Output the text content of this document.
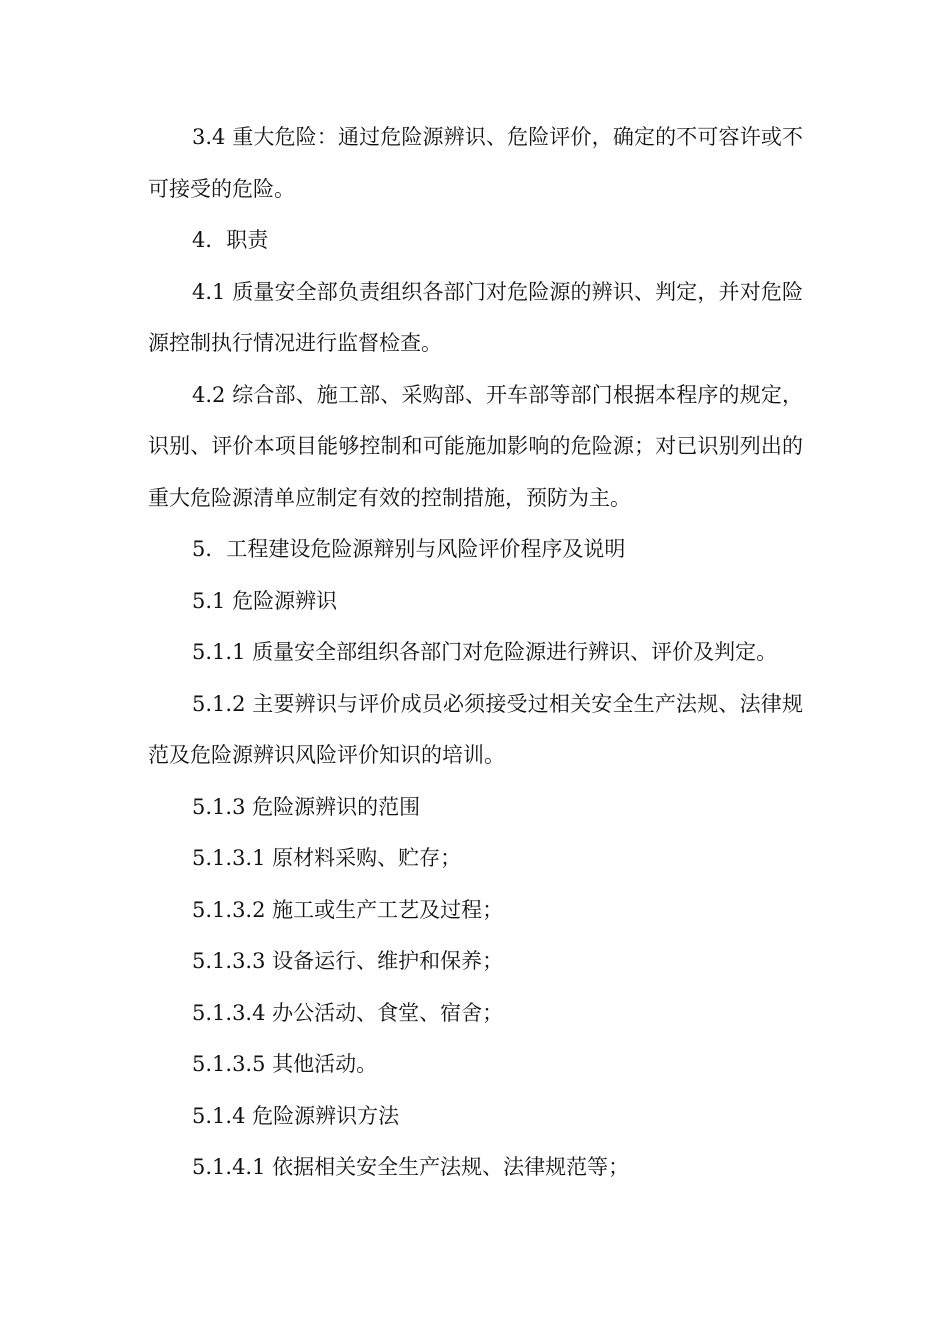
3.4 重大危险：通过危险源辨识、危险评价，确定的不可容许或不可接受的危险。

4．职责

4.1 质量安全部负责组织各部门对危险源的辨识、判定，并对危险源控制执行情况进行监督检查。

4.2 综合部、施工部、采购部、开车部等部门根据本程序的规定，识别、评价本项目能够控制和可能施加影响的危险源；对已识别列出的重大危险源清单应制定有效的控制措施，预防为主。

5．工程建设危险源辩别与风险评价程序及说明

5.1 危险源辨识

5.1.1 质量安全部组织各部门对危险源进行辨识、评价及判定。

5.1.2 主要辨识与评价成员必须接受过相关安全生产法规、法律规范及危险源辨识风险评价知识的培训。

5.1.3 危险源辨识的范围

5.1.3.1 原材料采购、贮存；

5.1.3.2 施工或生产工艺及过程；

5.1.3.3 设备运行、维护和保养；

5.1.3.4 办公活动、食堂、宿舍；

5.1.3.5 其他活动。

5.1.4 危险源辨识方法

5.1.4.1 依据相关安全生产法规、法律规范等；
